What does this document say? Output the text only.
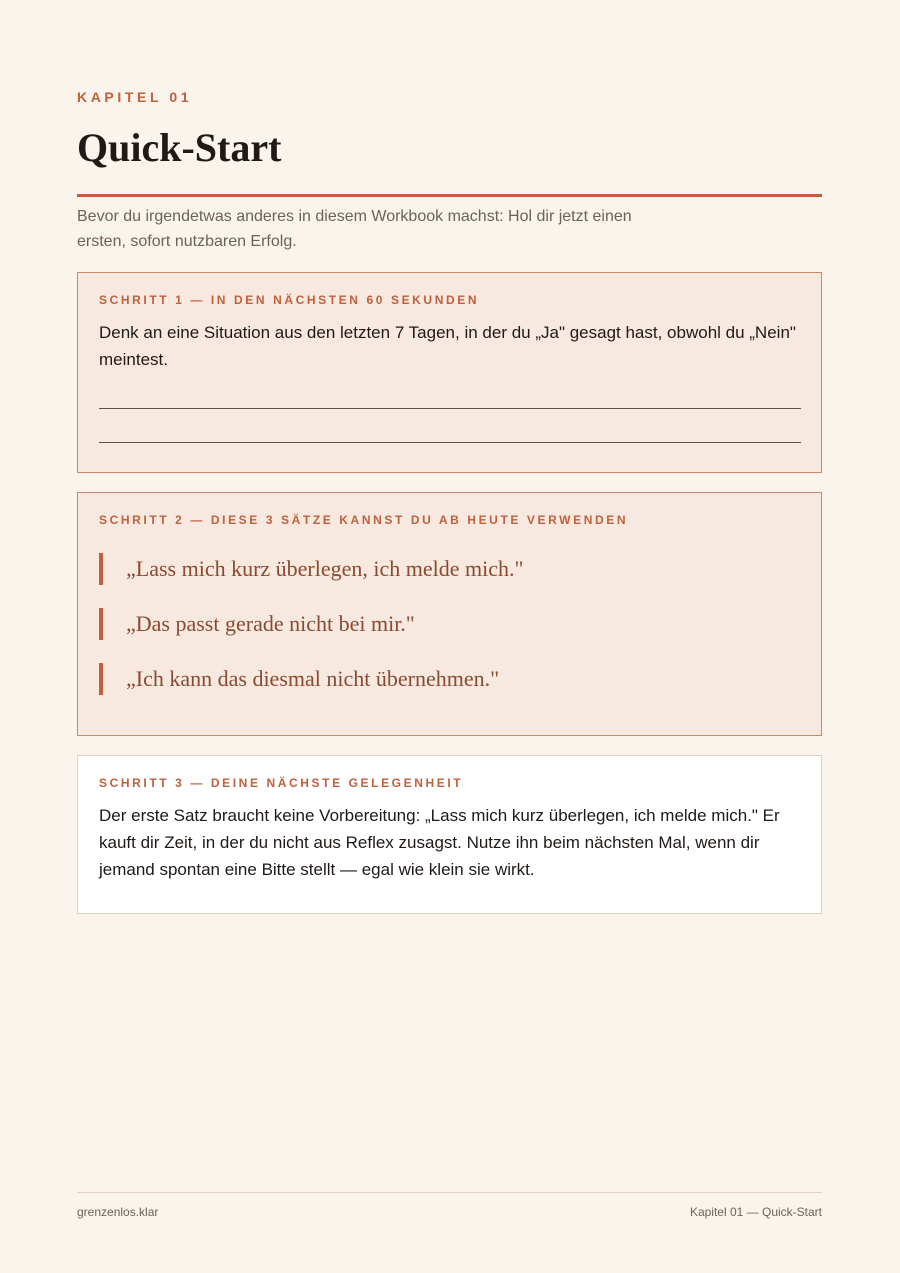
KAPITEL 01
Quick-Start

Bevor du irgendetwas anderes in diesem Workbook machst: Hol dir jetzt einen ersten, sofort nutzbaren Erfolg.

SCHRITT 1 — IN DEN NÄCHSTEN 60 SEKUNDEN

Denk an eine Situation aus den letzten 7 Tagen, in der du „Ja" gesagt hast, obwohl du „Nein" meintest.

SCHRITT 2 — DIESE 3 SÄTZE KANNST DU AB HEUTE VERWENDEN

„Lass mich kurz überlegen, ich melde mich."

„Das passt gerade nicht bei mir."

„Ich kann das diesmal nicht übernehmen."

SCHRITT 3 — DEINE NÄCHSTE GELEGENHEIT

Der erste Satz braucht keine Vorbereitung: „Lass mich kurz überlegen, ich melde mich." Er kauft dir Zeit, in der du nicht aus Reflex zusagst. Nutze ihn beim nächsten Mal, wenn dir jemand spontan eine Bitte stellt — egal wie klein sie wirkt.

grenzenlos.klar	Kapitel 01 — Quick-Start
